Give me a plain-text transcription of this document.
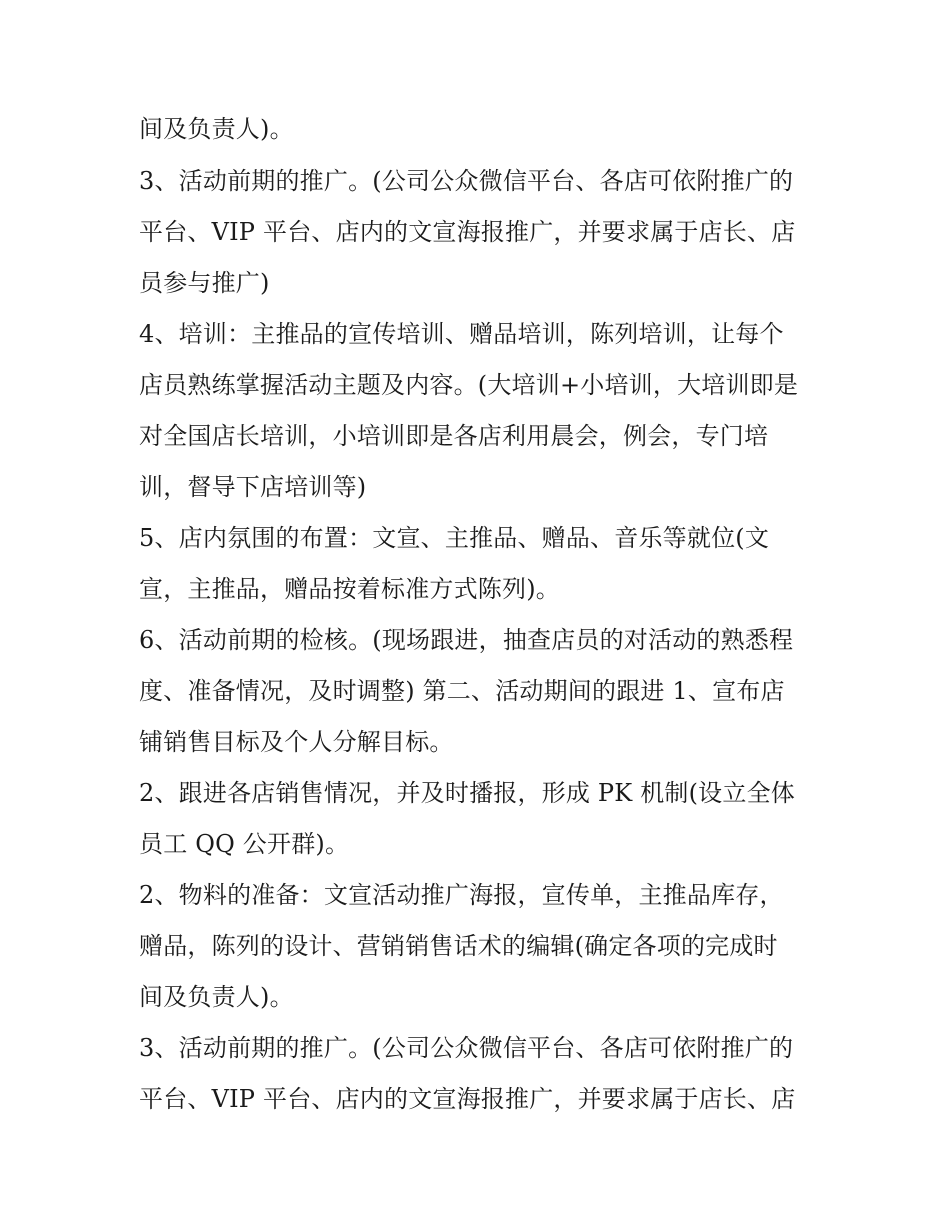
间及负责人)。
3、活动前期的推广。(公司公众微信平台、各店可依附推广的
平台、VIP 平台、店内的文宣海报推广，并要求属于店长、店
员参与推广)
4、培训：主推品的宣传培训、赠品培训，陈列培训，让每个
店员熟练掌握活动主题及内容。(大培训+小培训，大培训即是
对全国店长培训，小培训即是各店利用晨会，例会，专门培
训，督导下店培训等)
5、店内氛围的布置：文宣、主推品、赠品、音乐等就位(文
宣，主推品，赠品按着标准方式陈列)。
6、活动前期的检核。(现场跟进，抽查店员的对活动的熟悉程
度、准备情况，及时调整) 第二、活动期间的跟进 1、宣布店
铺销售目标及个人分解目标。
2、跟进各店销售情况，并及时播报，形成 PK 机制(设立全体
员工 QQ 公开群)。
2、物料的准备：文宣活动推广海报，宣传单，主推品库存，
赠品，陈列的设计、营销销售话术的编辑(确定各项的完成时
间及负责人)。
3、活动前期的推广。(公司公众微信平台、各店可依附推广的
平台、VIP 平台、店内的文宣海报推广，并要求属于店长、店
